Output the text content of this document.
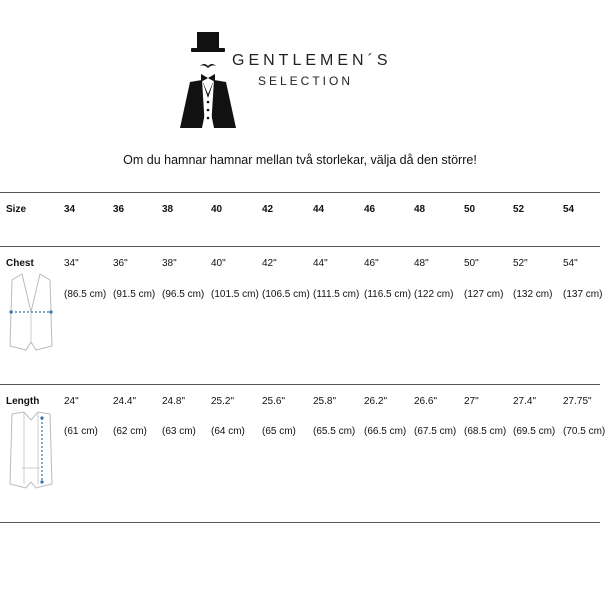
GENTLEMEN´S
SELECTION
Om du hamnar hamnar mellan två storlekar, välja då den större!
Size
Chest
Length
34
34"
(86.5 cm)
24"
(61 cm)
36
36"
(91.5 cm)
24.4"
(62 cm)
38
38"
(96.5 cm)
24.8"
(63 cm)
40
40"
(101.5 cm)
25.2"
(64 cm)
42
42"
(106.5 cm)
25.6"
(65 cm)
44
44"
(111.5 cm)
25.8"
(65.5 cm)
46
46"
(116.5 cm)
26.2"
(66.5 cm)
48
48"
(122 cm)
26.6"
(67.5 cm)
50
50"
(127 cm)
27"
(68.5 cm)
52
52"
(132 cm)
27.4"
(69.5 cm)
54
54"
(137 cm)
27.75"
(70.5 cm)
